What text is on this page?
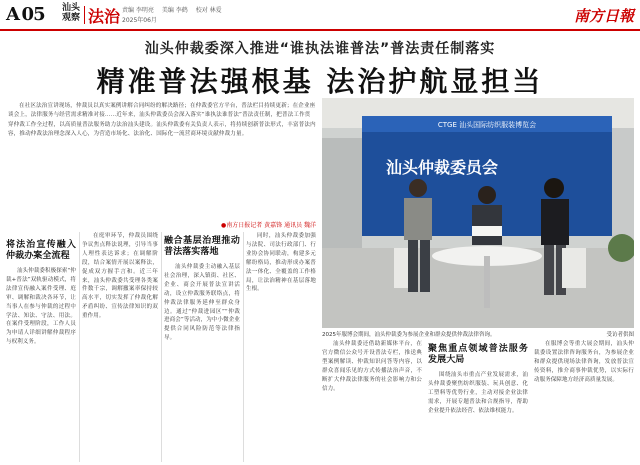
A 05 汕头观察 法治 责编 李明亮 美编 李鹤 校对 林爱
2025年06月	南方日報
汕头仲裁委深入推进“谁执法谁普法”普法责任制落实
精准普法强根基 法治护航显担当
在社区法治宣讲现场，仲裁员以真实案例讲解合同纠纷的解决路径；在仲裁委官方平台，普法栏目持续更新；在企业座谈会上，法律服务与经营需求精准对接……近年来，汕头仲裁委员会深入落实“谁执法谁普法”普法责任制，把普法工作贯穿仲裁工作全过程，以高质量普法服务助力法治汕头建设。汕头仲裁委有关负责人表示，将持续创新普法形式，丰富普法内容，推动仲裁法治理念深入人心，为营造市场化、法治化、国际化一流营商环境贡献仲裁力量。
●南方日报记者 黄嘉锋 通讯员 魏洋
CTGE 汕头国际纺织服装博览会
汕头仲裁委员会
2025年服博会期间，汕头仲裁委为参展企业和群众提供仲裁法律咨询。	受访者供图
将法治宣传融入仲裁办案全流程

汕头仲裁委积极探索“仲裁+普法”双轨驱动模式，将法律宣传融入案件受理、庭审、调解和裁决各环节，让当事人在参与仲裁的过程中学法、知法、守法、用法。在案件受理阶段，工作人员为申请人详细讲解仲裁程序与权利义务。

在庭审环节，仲裁员围绕争议焦点释法说理，引导当事人理性表达诉求；在调解阶段，结合案情开展以案释法，促成双方握手言和。近三年来，汕头仲裁委共受理各类案件数千宗，调解撤案率保持较高水平，切实发挥了仲裁化解矛盾纠纷、宣传法律知识的双重作用。

融合基层治理推动普法落实落地

汕头仲裁委主动融入基层社会治理，深入镇街、社区、企业、商会开展普法宣讲活动，设立仲裁服务联络点，将仲裁法律服务延伸至群众身边。通过“仲裁进园区”“仲裁进商会”等活动，为中小微企业提供合同风险防范等法律指导。

同时，汕头仲裁委加强与法院、司法行政部门、行业协会协同联动，构建多元解纷格局，推动形成办案普法一体化、全覆盖的工作格局，让法治精神在基层落地生根。

汕头仲裁委还借助新媒体平台，在官方微信公众号开设普法专栏，推送典型案例解读、仲裁知识问答等内容，以群众喜闻乐见的方式传播法治声音，不断扩大仲裁法律服务的社会影响力和公信力。

聚焦重点领域普法服务发展大局

围绕汕头市重点产业发展需求，汕头仲裁委聚焦纺织服装、玩具创意、化工塑料等优势行业，主动对接企业法律需求，开展专题普法和合规指导，帮助企业提升依法经营、依法维权能力。

在服博会等重大展会期间，汕头仲裁委设置法律咨询服务台，为参展企业和群众提供现场法律咨询，发放普法宣传资料，推介商事仲裁优势，以实际行动服务保障地方经济高质量发展。
